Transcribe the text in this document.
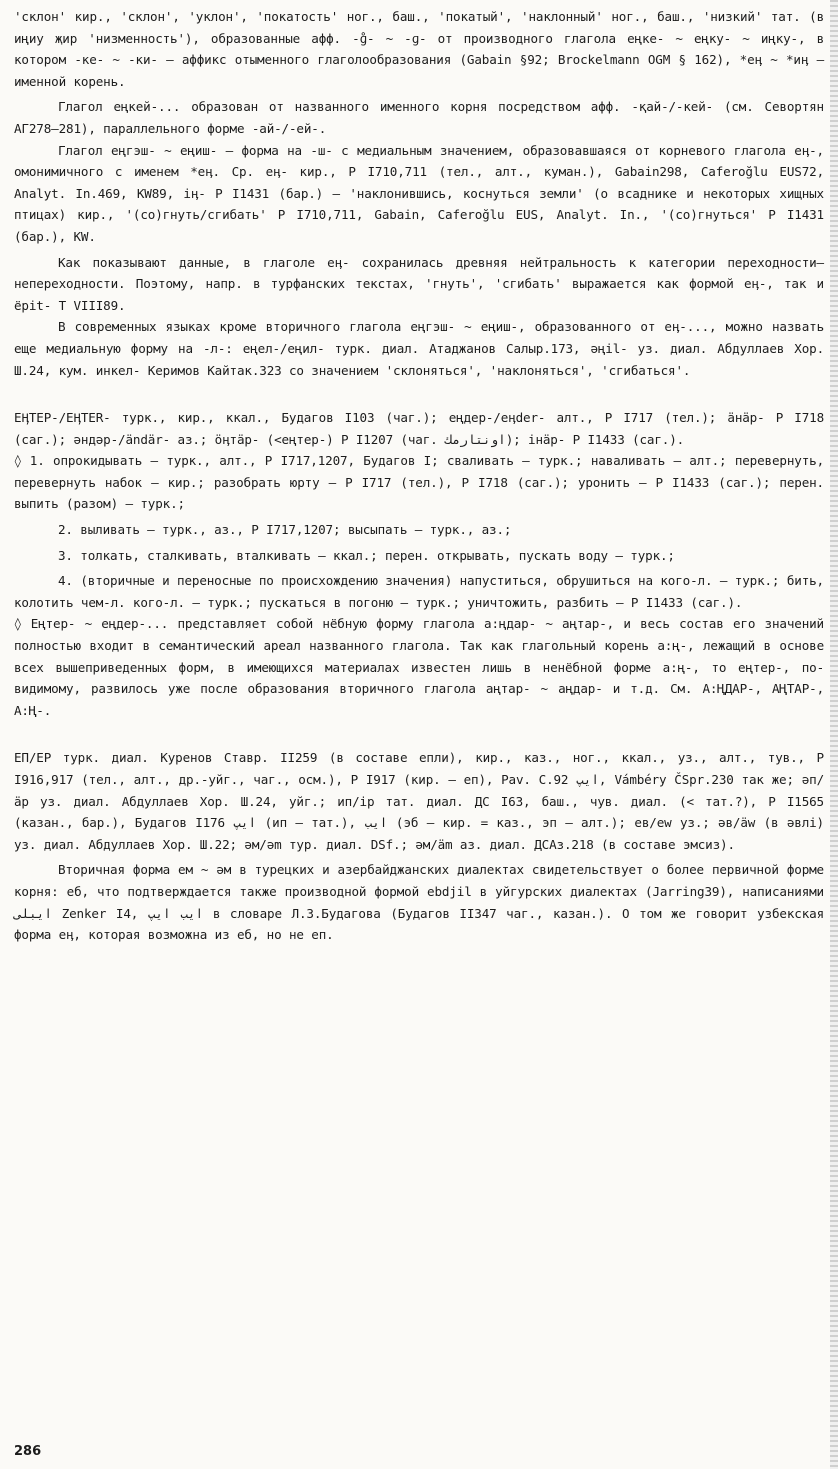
'склон' кир., 'склон', 'уклон', 'покатость' ног., баш., 'покатый', 'наклонный' ног., баш., 'низкий' тат. (в иңиу җир 'низменность'), образованные афф. -ɡ̊- ~ -ɡ- от производного глагола еңке- ~ еңку- ~ иңку-, в котором -ке- ~ -ки- – аффикс отыменного глаголообразования (Gabain §92; Brockelmann OGM § 162), *еӊ ~ *иӊ – именной корень.

Глагол еңкей-... образован от названного именного корня посредством афф. -қай-/-кей- (см. Севортян АГ278–281), параллельного форме -ай-/-ей-.

Глагол еңгэш- ~ еңиш- – форма на -ш- с медиальным значением, образовавшаяся от корневого глагола еӊ-, омонимичного с именем *еӊ. Ср. еӊ- кир., Р I710,711 (тел., алт., куман.), Gabain298, Caferoğlu EUS72, Analyt. In.469, KW89, iӊ- Р I1431 (бар.) – 'наклонившись, коснуться земли' (о всаднике и некоторых хищных птицах) кир., '(со)гнуть/сгибать' Р I710,711, Gabain, Caferoğlu EUS, Analyt. In., '(со)гнуться' Р I1431 (бар.), KW.

Как показывают данные, в глаголе еӊ- сохранилась древняя нейтральность к категории переходности–непереходности. Поэтому, напр. в турфанских текстах, 'гнуть', 'сгибать' выражается как формой еӊ-, так и ёpit- Т VIII89.

В современных языках кроме вторичного глагола еңгэш- ~ еңиш-, образованного от еӊ-..., можно назвать еще медиальную форму на -л-: еңел-/еңил- турк. диал. Атаджанов Салыр.173, әңil- уз. диал. Абдуллаев Хор. Ш.24, кум. инкел- Керимов Кайтак.323 со значением 'склоняться', 'наклоняться', 'сгибаться'.

ЕӉТЕР-/ЕӉТЕR- турк., кир., ккал., Будагов I103 (чаг.); еңдер-/eӊder- алт., Р I717 (тел.); äнäр- Р I718 (саг.); әндәр-/ändär- аз.; öӊтäр- (<еңтер-) Р I1207 (чаг. اونتارمك); iнäр- Р I1433 (саг.).

◊ 1. опрокидывать – турк., алт., Р I717,1207, Будагов I; сваливать – турк.; наваливать – алт.; перевернуть, перевернуть набок – кир.; разобрать юрту – Р I717 (тел.), Р I718 (саг.); уронить – Р I1433 (саг.); перен. выпить (разом) – турк.;

2. выливать – турк., аз., Р I717,1207; высыпать – турк., аз.;

3. толкать, сталкивать, вталкивать – ккал.; перен. открывать, пускать воду – турк.;

4. (вторичные и переносные по происхождению значения) напуститься, обрушиться на кого-л. – турк.; бить, колотить чем-л. кого-л. – турк.; пускаться в погоню – турк.; уничтожить, разбить – Р I1433 (саг.).

◊ Еңтер- ~ еңдер-... представляет собой нёбную форму глагола а:ңдар- ~ аңтар-, и весь состав его значений полностью входит в семантический ареал названного глагола. Так как глагольный корень а:ң-, лежащий в основе всех вышеприведенных форм, в имеющихся материалах известен лишь в ненёбной форме а:ң-, то еңтер-, по-видимому, развилось уже после образования вторичного глагола аңтар- ~ аңдар- и т.д. См. А:ҢДАР-, АҢТАР-, А:Ң-.

ЕП/ЕР турк. диал. Куренов Ставр. II259 (в составе епли), кир., каз., ног., ккал., уз., алт., тув., Р I916,917 (тел., алт., др.-уйг., чаг., осм.), Р I917 (кир. – еп), Pav. C.92 ايپ, Vámbéry ČSpr.230 так же; әп/äр уз. диал. Абдуллаев Хор. Ш.24, уйг.; ип/iр тат. диал. ДС I63, баш., чув. диал. (< тат.?), Р I1565 (казан., бар.), Будагов I176 ايپ (ип – тат.), ايب (эб – кир. = каз., эп – алт.); eв/ew уз.; әв/äw (в әвлi) уз. диал. Абдуллаев Хор. Ш.22; әм/әm тур. диал. DSf.; әм/äm аз. диал. ДСАз.218 (в составе эмсиз).

Вторичная форма ем ~ әм в турецких и азербайджанских диалектах свидетельствует о более первичной форме корня: еб, что подтверждается также производной формой ebdjil в уйгурских диалектах (Jarring39), написаниями ايبلى Zenker I4, ايب ايپ в словаре Л.З.Будагова (Будагов II347 чаг., казан.). О том же говорит узбекская форма еӊ, которая возможна из еб, но не еп.

286
